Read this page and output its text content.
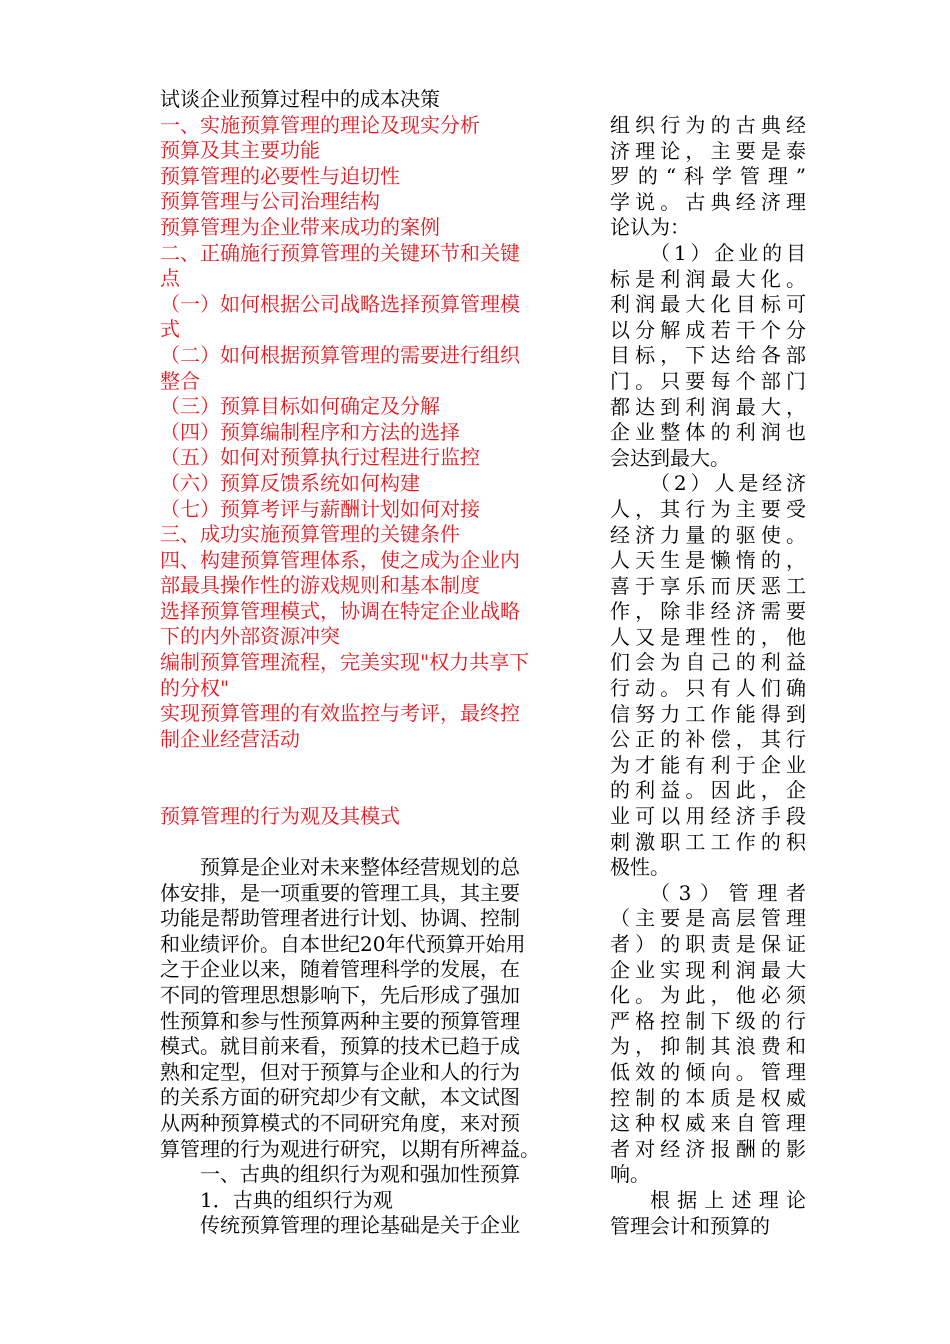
试谈企业预算过程中的成本决策
一、实施预算管理的理论及现实分析
预算及其主要功能
预算管理的必要性与迫切性
预算管理与公司治理结构
预算管理为企业带来成功的案例
二、正确施行预算管理的关键环节和关键
点
（一）如何根据公司战略选择预算管理模
式
（二）如何根据预算管理的需要进行组织
整合
（三）预算目标如何确定及分解
（四）预算编制程序和方法的选择
（五）如何对预算执行过程进行监控
（六）预算反馈系统如何构建
（七）预算考评与薪酬计划如何对接
三、成功实施预算管理的关键条件
四、构建预算管理体系，使之成为企业内
部最具操作性的游戏规则和基本制度
选择预算管理模式，协调在特定企业战略
下的内外部资源冲突
编制预算管理流程，完美实现"权力共享下
的分权"
实现预算管理的有效监控与考评，最终控
制企业经营活动
预算管理的行为观及其模式
预算是企业对未来整体经营规划的总
体安排，是一项重要的管理工具，其主要
功能是帮助管理者进行计划、协调、控制
和业绩评价。自本世纪20年代预算开始用
之于企业以来，随着管理科学的发展，在
不同的管理思想影响下，先后形成了强加
性预算和参与性预算两种主要的预算管理
模式。就目前来看，预算的技术已趋于成
熟和定型，但对于预算与企业和人的行为
的关系方面的研究却少有文献，本文试图
从两种预算模式的不同研究角度，来对预
算管理的行为观进行研究，以期有所裨益。
一、古典的组织行为观和强加性预算
1．古典的组织行为观
传统预算管理的理论基础是关于企业
组织行为的古典经
济理论，主要是泰
罗的“科学管理”
学说。古典经济理
论认为：
（1）企业的目
标是利润最大化。
利润最大化目标可
以分解成若干个分
目标，下达给各部
门。只要每个部门
都达到利润最大，
企业整体的利润也
会达到最大。
（2）人是经济
人，其行为主要受
经济力量的驱使。
人天生是懒惰的，
喜于享乐而厌恶工
作，除非经济需要
人又是理性的，他
们会为自己的利益
行动。只有人们确
信努力工作能得到
公正的补偿，其行
为才能有利于企业
的利益。因此，企
业可以用经济手段
刺激职工工作的积
极性。
（3）管理者
（主要是高层管理
者）的职责是保证
企业实现利润最大
化。为此，他必须
严格控制下级的行
为，抑制其浪费和
低效的倾向。管理
控制的本质是权威
这种权威来自管理
者对经济报酬的影
响。
根据上述理论
管理会计和预算的
